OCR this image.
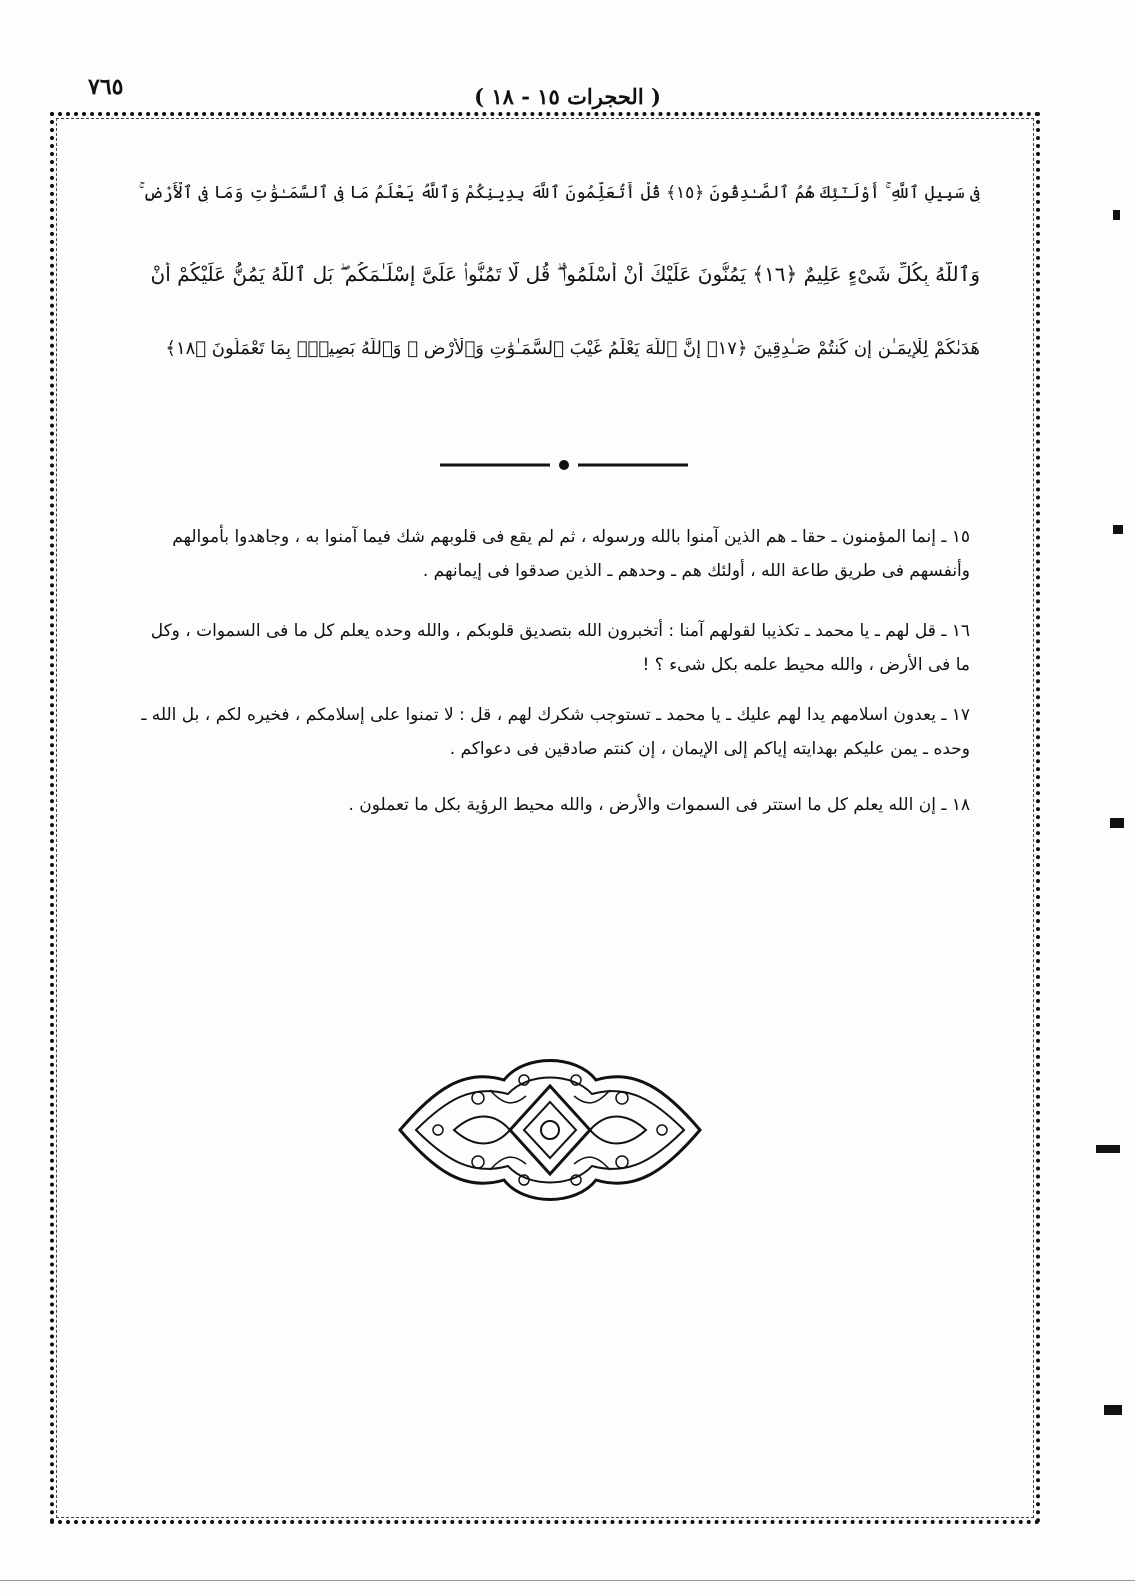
٧٦٥	( الحجرات ١٥ - ١٨ )
فِى سَبِيلِ ٱللَّهِ ۚ أُوْلَـٰٓئِكَ هُمُ ٱلصَّـٰدِقُونَ ﴿١٥﴾ قُلْ أَتُعَلِّمُونَ ٱللَّهَ بِدِينِكُمْ وَٱللَّهُ يَعْلَمُ مَا فِى ٱلسَّمَـٰوَٰتِ وَمَا فِى ٱلْأَرْضِ ۚ
وَٱللَّهُ بِكُلِّ شَىْءٍ عَلِيمٌ ﴿١٦﴾ يَمُنُّونَ عَلَيْكَ أَنْ أَسْلَمُوا۟ ۖ قُل لَّا تَمُنُّوا۟ عَلَىَّ إِسْلَـٰمَكُم ۖ بَلِ ٱللَّهُ يَمُنُّ عَلَيْكُمْ أَنْ
هَدَىٰكُمْ لِلْإِيمَـٰنِ إِن كُنتُمْ صَـٰدِقِينَ ﴿١٧﴾ إِنَّ ٱللَّهَ يَعْلَمُ غَيْبَ ٱلسَّمَـٰوَٰتِ وَٱلْأَرْضِ ۚ وَٱللَّهُ بَصِيرٌۢ بِمَا تَعْمَلُونَ ﴿١٨﴾
١٥ ـ إنما المؤمنون ـ حقا ـ هم الذين آمنوا بالله ورسوله ، ثم لم يقع فى قلوبهم شك فيما آمنوا به ، وجاهدوا بأموالهم وأنفسهم فى طريق طاعة الله ، أولئك هم ـ وحدهم ـ الذين صدقوا فى إيمانهم .
١٦ ـ قل لهم ـ يا محمد ـ تكذيبا لقولهم آمنا : أتخبرون الله بتصديق قلوبكم ، والله وحده يعلم كل ما فى السموات ، وكل ما فى الأرض ، والله محيط علمه بكل شىء ؟ !
١٧ ـ يعدون اسلامهم يدا لهم عليك ـ يا محمد ـ تستوجب شكرك لهم ، قل : لا تمنوا على إسلامكم ، فخيره لكم ، بل الله ـ وحده ـ يمن عليكم بهدايته إياكم إلى الإيمان ، إن كنتم صادقين فى دعواكم .
١٨ ـ إن الله يعلم كل ما استتر فى السموات والأرض ، والله محيط الرؤية بكل ما تعملون .
